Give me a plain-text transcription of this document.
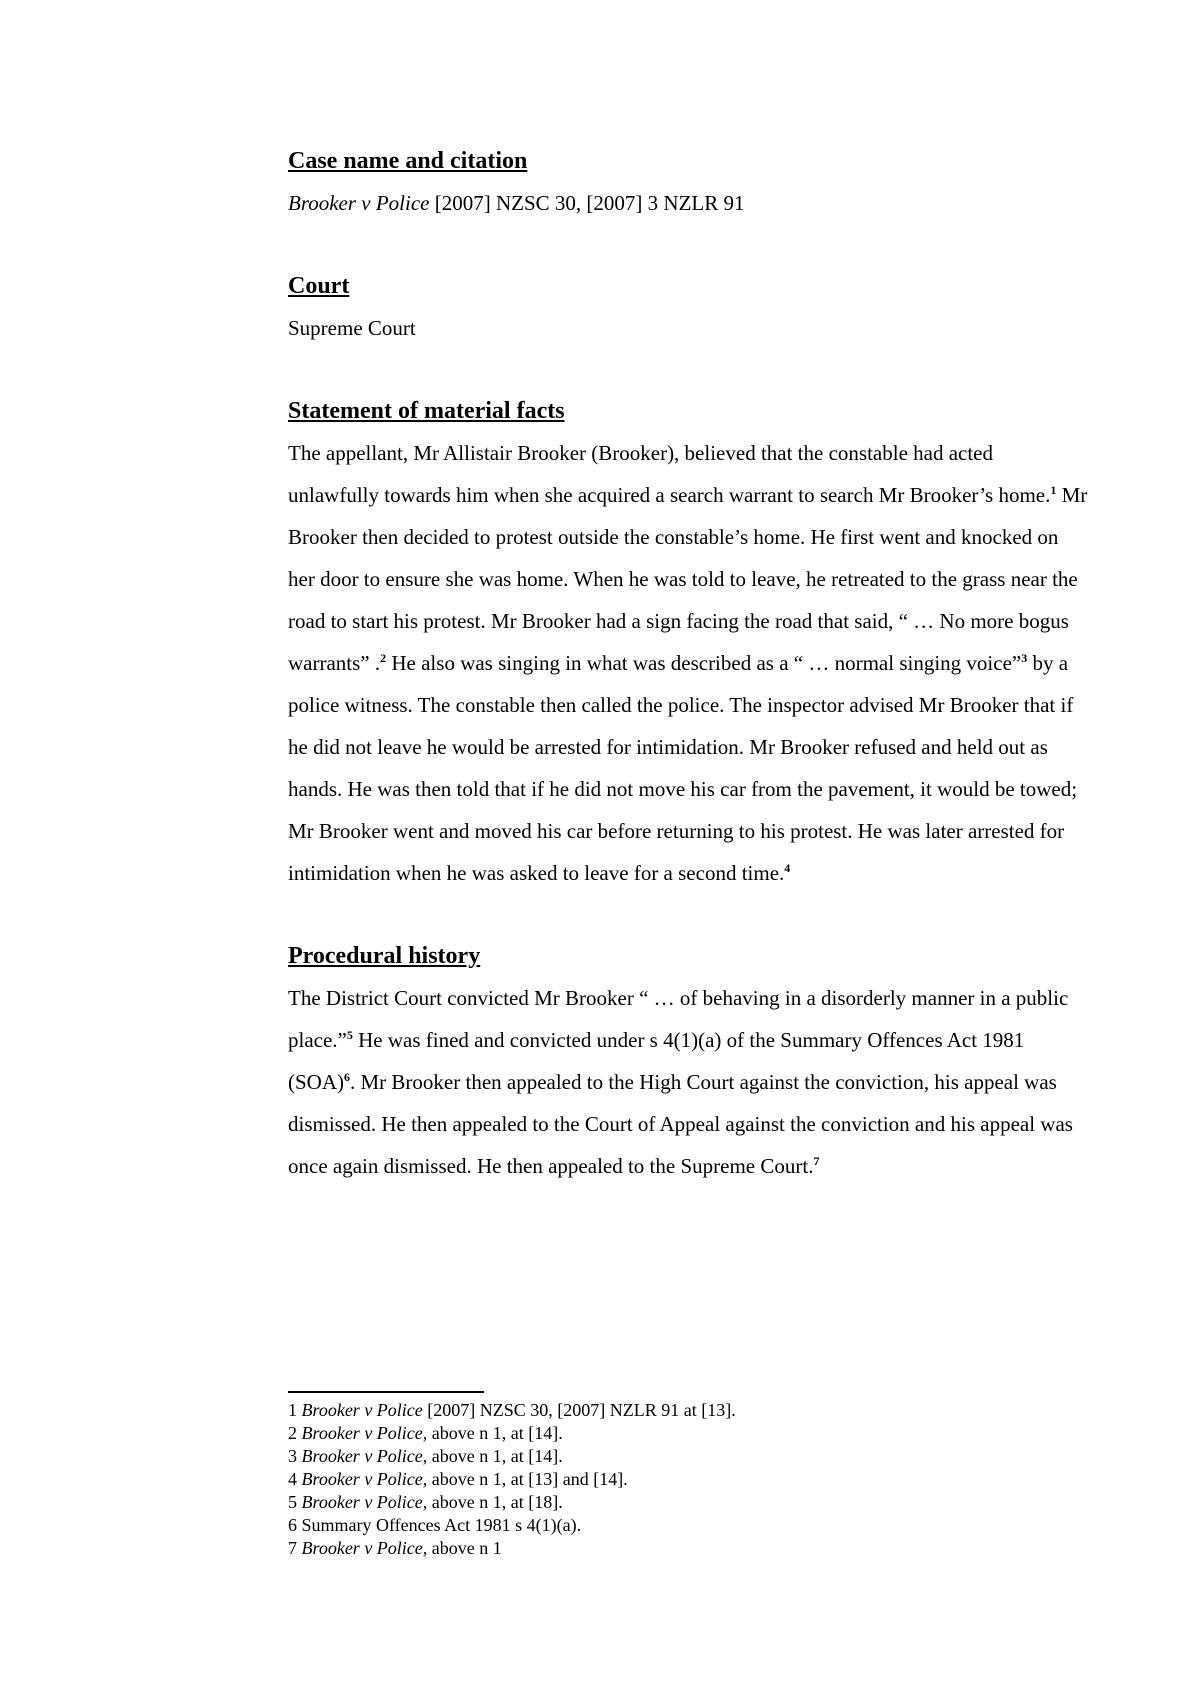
Case name and citation

Brooker v Police [2007] NZSC 30, [2007] 3 NZLR 91

Court

Supreme Court

Statement of material facts

The appellant, Mr Allistair Brooker (Brooker), believed that the constable had acted unlawfully towards him when she acquired a search warrant to search Mr Brooker’s home.$^1$ Mr Brooker then decided to protest outside the constable’s home. He first went and knocked on her door to ensure she was home. When he was told to leave, he retreated to the grass near the road to start his protest. Mr Brooker had a sign facing the road that said, “ … No more bogus warrants” .$^2$ He also was singing in what was described as a “ … normal singing voice”$^3$ by a police witness. The constable then called the police. The inspector advised Mr Brooker that if he did not leave he would be arrested for intimidation. Mr Brooker refused and held out as hands. He was then told that if he did not move his car from the pavement, it would be towed; Mr Brooker went and moved his car before returning to his protest. He was later arrested for intimidation when he was asked to leave for a second time.$^4$

Procedural history

The District Court convicted Mr Brooker “ … of behaving in a disorderly manner in a public place.”$^5$ He was fined and convicted under s 4(1)(a) of the Summary Offences Act 1981 (SOA)$^6$. Mr Brooker then appealed to the High Court against the conviction, his appeal was dismissed. He then appealed to the Court of Appeal against the conviction and his appeal was once again dismissed. He then appealed to the Supreme Court.$^7$

1 Brooker v Police [2007] NZSC 30, [2007] NZLR 91 at [13].

2 Brooker v Police, above n 1, at [14].

3 Brooker v Police, above n 1, at [14].

4 Brooker v Police, above n 1, at [13] and [14].

5 Brooker v Police, above n 1, at [18].

6 Summary Offences Act 1981 s 4(1)(a).

7 Brooker v Police, above n 1
